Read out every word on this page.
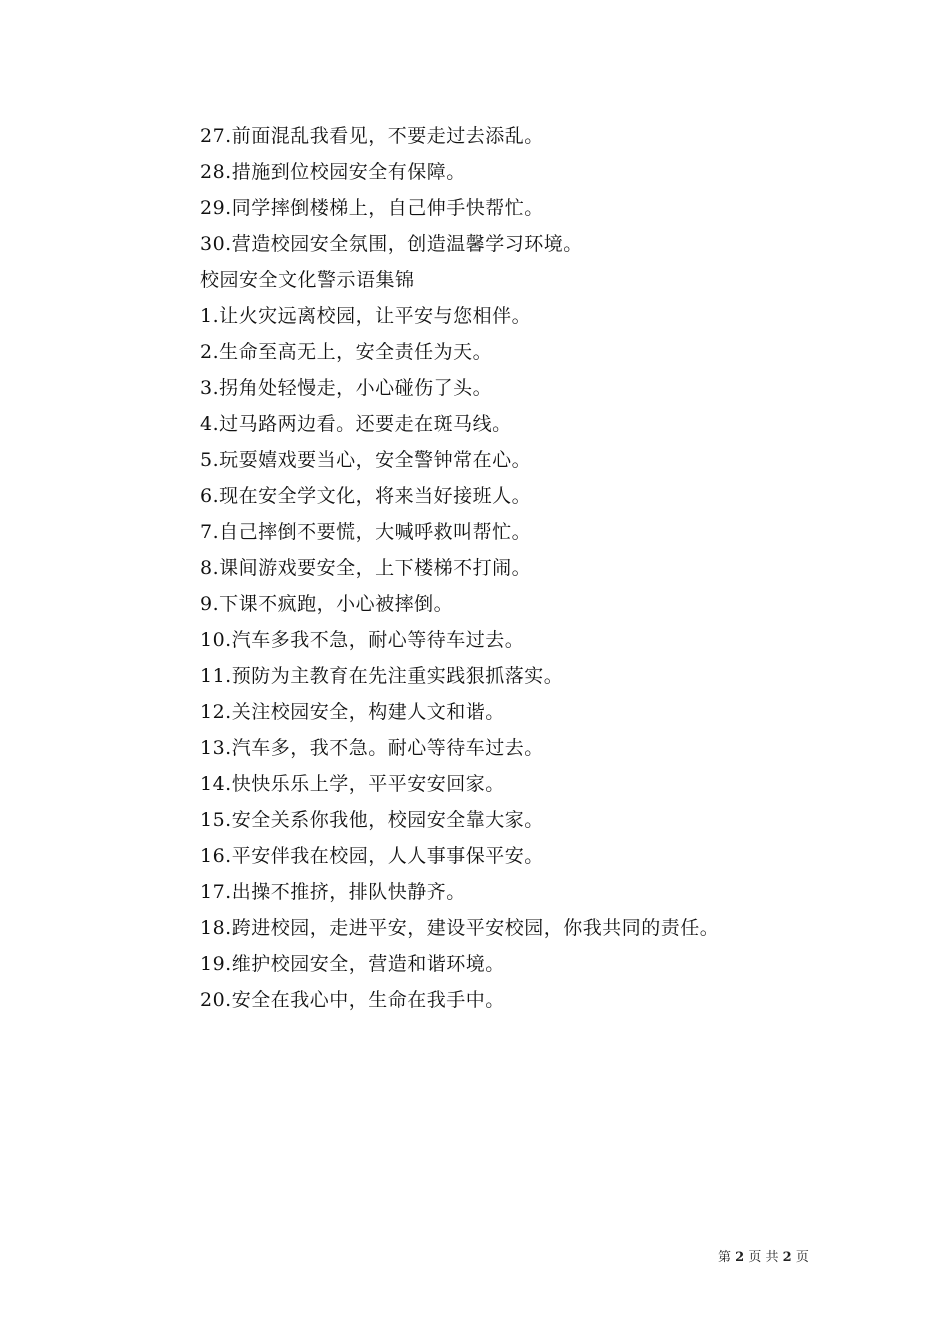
27.前面混乱我看见，不要走过去添乱。
28.措施到位校园安全有保障。
29.同学摔倒楼梯上，自己伸手快帮忙。
30.营造校园安全氛围，创造温馨学习环境。
校园安全文化警示语集锦
1.让火灾远离校园，让平安与您相伴。
2.生命至高无上，安全责任为天。
3.拐角处轻慢走，小心碰伤了头。
4.过马路两边看。还要走在斑马线。
5.玩耍嬉戏要当心，安全警钟常在心。
6.现在安全学文化，将来当好接班人。
7.自己摔倒不要慌，大喊呼救叫帮忙。
8.课间游戏要安全，上下楼梯不打闹。
9.下课不疯跑，小心被摔倒。
10.汽车多我不急，耐心等待车过去。
11.预防为主教育在先注重实践狠抓落实。
12.关注校园安全，构建人文和谐。
13.汽车多，我不急。耐心等待车过去。
14.快快乐乐上学，平平安安回家。
15.安全关系你我他，校园安全靠大家。
16.平安伴我在校园，人人事事保平安。
17.出操不推挤，排队快静齐。
18.跨进校园，走进平安，建设平安校园，你我共同的责任。
19.维护校园安全，营造和谐环境。
20.安全在我心中，生命在我手中。
第 2 页 共 2 页
